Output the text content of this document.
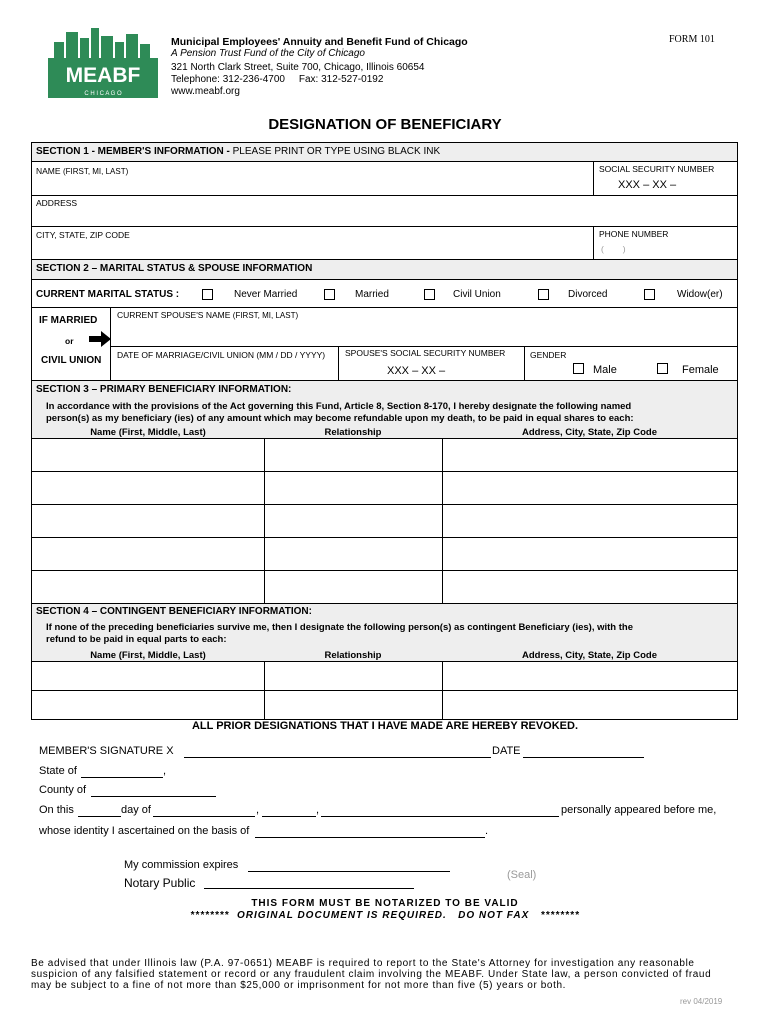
MEABF
C H I C A G O
Municipal Employees' Annuity and Benefit Fund of Chicago
A Pension Trust Fund of the City of Chicago
321 North Clark Street, Suite 700, Chicago, Illinois 60654
Telephone: 312-236-4700     Fax: 312-527-0192
www.meabf.org
FORM 101
DESIGNATION OF BENEFICIARY
SECTION 1 - MEMBER'S INFORMATION - PLEASE PRINT OR TYPE USING BLACK INK
NAME (FIRST, MI, LAST)	SOCIAL SECURITY NUMBER
XXX – XX –
ADDRESS
CITY, STATE, ZIP CODE	PHONE NUMBER
(        )
SECTION 2 – MARITAL STATUS & SPOUSE INFORMATION
CURRENT MARITAL STATUS :	Never Married	Married	Civil Union	Divorced	Widow(er)
IF MARRIED
or
CIVIL UNION
CURRENT SPOUSE'S NAME (FIRST, MI, LAST)
DATE OF MARRIAGE/CIVIL UNION (MM / DD / YYYY) SPOUSE'S SOCIAL SECURITY NUMBER
XXX – XX –
GENDER
Male	Female
SECTION 3 – PRIMARY BENEFICIARY INFORMATION:
In accordance with the provisions of the Act governing this Fund, Article 8, Section 8-170, I hereby designate the following named
person(s) as my beneficiary (ies) of any amount which may become refundable upon my death, to be paid in equal shares to each:
Name (First, Middle, Last)	Relationship	Address, City, State, Zip Code
SECTION 4 – CONTINGENT BENEFICIARY INFORMATION:
If none of the preceding beneficiaries survive me, then I designate the following person(s) as contingent Beneficiary (ies), with the
refund to be paid in equal parts to each:
Name (First, Middle, Last)	Relationship	Address, City, State, Zip Code
ALL PRIOR DESIGNATIONS THAT I HAVE MADE ARE HEREBY REVOKED.
MEMBER'S SIGNATURE X	DATE
State of	,
County of
On this	day of	,	,	personally appeared before me,
whose identity I ascertained on the basis of	.
My commission expires
(Seal)
Notary Public
THIS FORM MUST BE NOTARIZED TO BE VALID
********  ORIGINAL DOCUMENT IS REQUIRED.   DO NOT FAX   ********
Be advised that under Illinois law (P.A. 97-0651) MEABF is required to report to the State's Attorney for investigation any reasonable suspicion of any falsified statement or record or any fraudulent claim involving the MEABF. Under State law, a person convicted of fraud may be subject to a fine of not more than $25,000 or imprisonment for not more than five (5) years or both.
rev 04/2019
